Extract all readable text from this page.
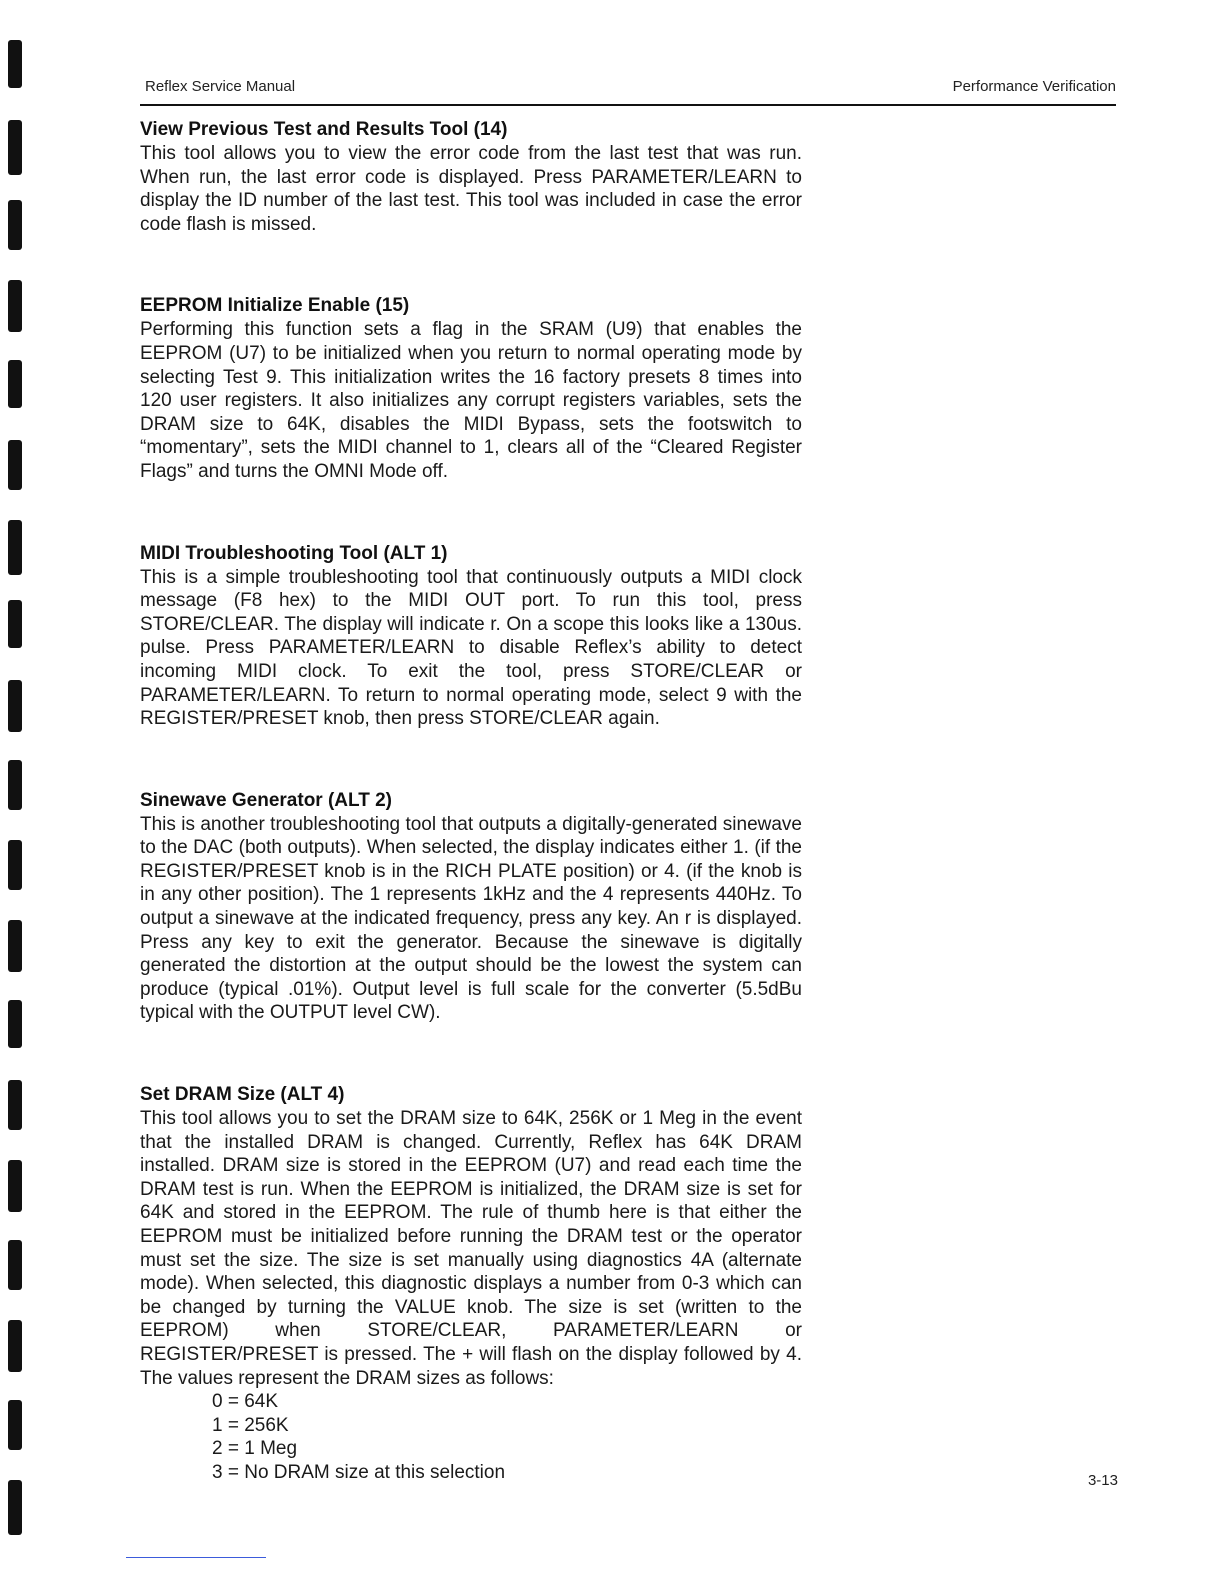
Reflex Service Manual	Performance Verification
View Previous Test and Results Tool (14)

This tool allows you to view the error code from the last test that was run. When run, the last error code is displayed. Press PARAMETER/LEARN to display the ID number of the last test. This tool was included in case the error code flash is missed.

EEPROM Initialize Enable (15)

Performing this function sets a flag in the SRAM (U9) that enables the EEPROM (U7) to be initialized when you return to normal operating mode by selecting Test 9. This initialization writes the 16 factory presets 8 times into 120 user registers. It also initializes any corrupt registers variables, sets the DRAM size to 64K, disables the MIDI Bypass, sets the footswitch to “momentary”, sets the MIDI channel to 1, clears all of the “Cleared Register Flags” and turns the OMNI Mode off.

MIDI Troubleshooting Tool (ALT 1)

This is a simple troubleshooting tool that continuously outputs a MIDI clock message (F8 hex) to the MIDI OUT port. To run this tool, press STORE/CLEAR. The display will indicate r. On a scope this looks like a 130us. pulse. Press PARAMETER/LEARN to disable Reflex’s ability to detect incoming MIDI clock. To exit the tool, press STORE/CLEAR or PARAMETER/LEARN. To return to normal operating mode, select 9 with the REGISTER/PRESET knob, then press STORE/CLEAR again.

Sinewave Generator (ALT 2)

This is another troubleshooting tool that outputs a digitally-generated sinewave to the DAC (both outputs). When selected, the display indicates either 1. (if the REGISTER/PRESET knob is in the RICH PLATE position) or 4. (if the knob is in any other position). The 1 represents 1kHz and the 4 represents 440Hz. To output a sinewave at the indicated frequency, press any key. An r is displayed. Press any key to exit the generator. Because the sinewave is digitally generated the distortion at the output should be the lowest the system can produce (typical .01%). Output level is full scale for the converter (5.5dBu typical with the OUTPUT level CW).

Set DRAM Size (ALT 4)

This tool allows you to set the DRAM size to 64K, 256K or 1 Meg in the event that the installed DRAM is changed. Currently, Reflex has 64K DRAM installed. DRAM size is stored in the EEPROM (U7) and read each time the DRAM test is run. When the EEPROM is initialized, the DRAM size is set for 64K and stored in the EEPROM. The rule of thumb here is that either the EEPROM must be initialized before running the DRAM test or the operator must set the size. The size is set manually using diagnostics 4A (alternate mode). When selected, this diagnostic displays a number from 0-3 which can be changed by turning the VALUE knob. The size is set (written to the EEPROM) when STORE/CLEAR, PARAMETER/LEARN or REGISTER/PRESET is pressed. The + will flash on the display followed by 4. The values represent the DRAM sizes as follows:

0 = 64K
1 = 256K
2 = 1 Meg
3 = No DRAM size at this selection	3-13
